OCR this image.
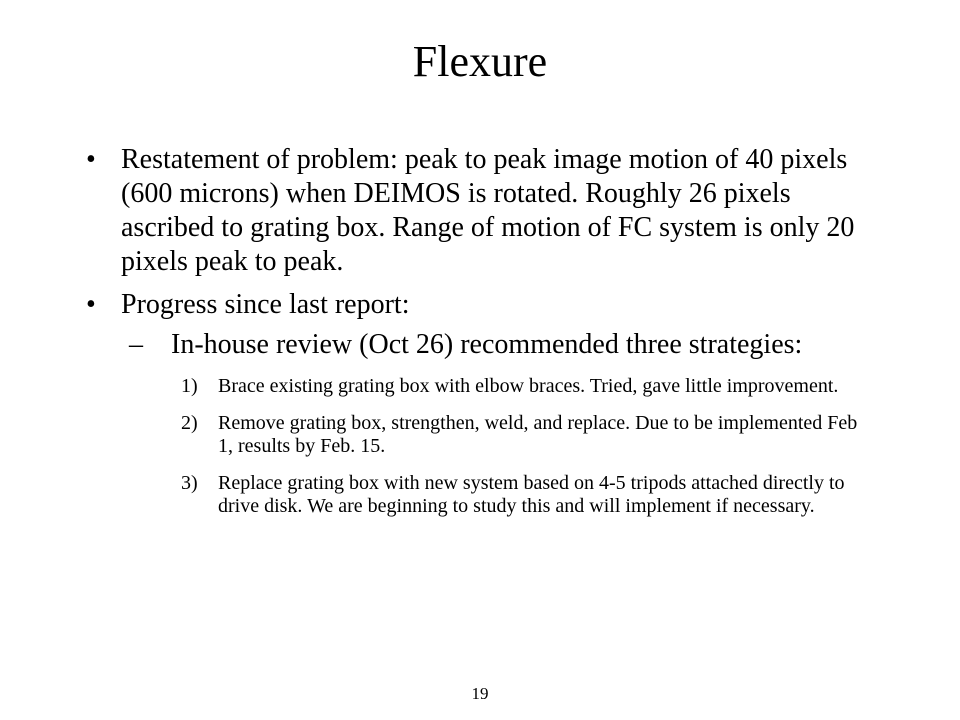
Flexure
• Restatement of problem: peak to peak image motion of 40 pixels (600 microns) when DEIMOS is rotated. Roughly 26 pixels ascribed to grating box. Range of motion of FC system is only 20 pixels peak to peak.
• Progress since last report:
– In-house review (Oct 26) recommended three strategies:
1) Brace existing grating box with elbow braces. Tried, gave little improvement.
2) Remove grating box, strengthen, weld, and replace. Due to be implemented Feb 1, results by Feb. 15.
3) Replace grating box with new system based on 4-5 tripods attached directly to drive disk. We are beginning to study this and will implement if necessary.
19
